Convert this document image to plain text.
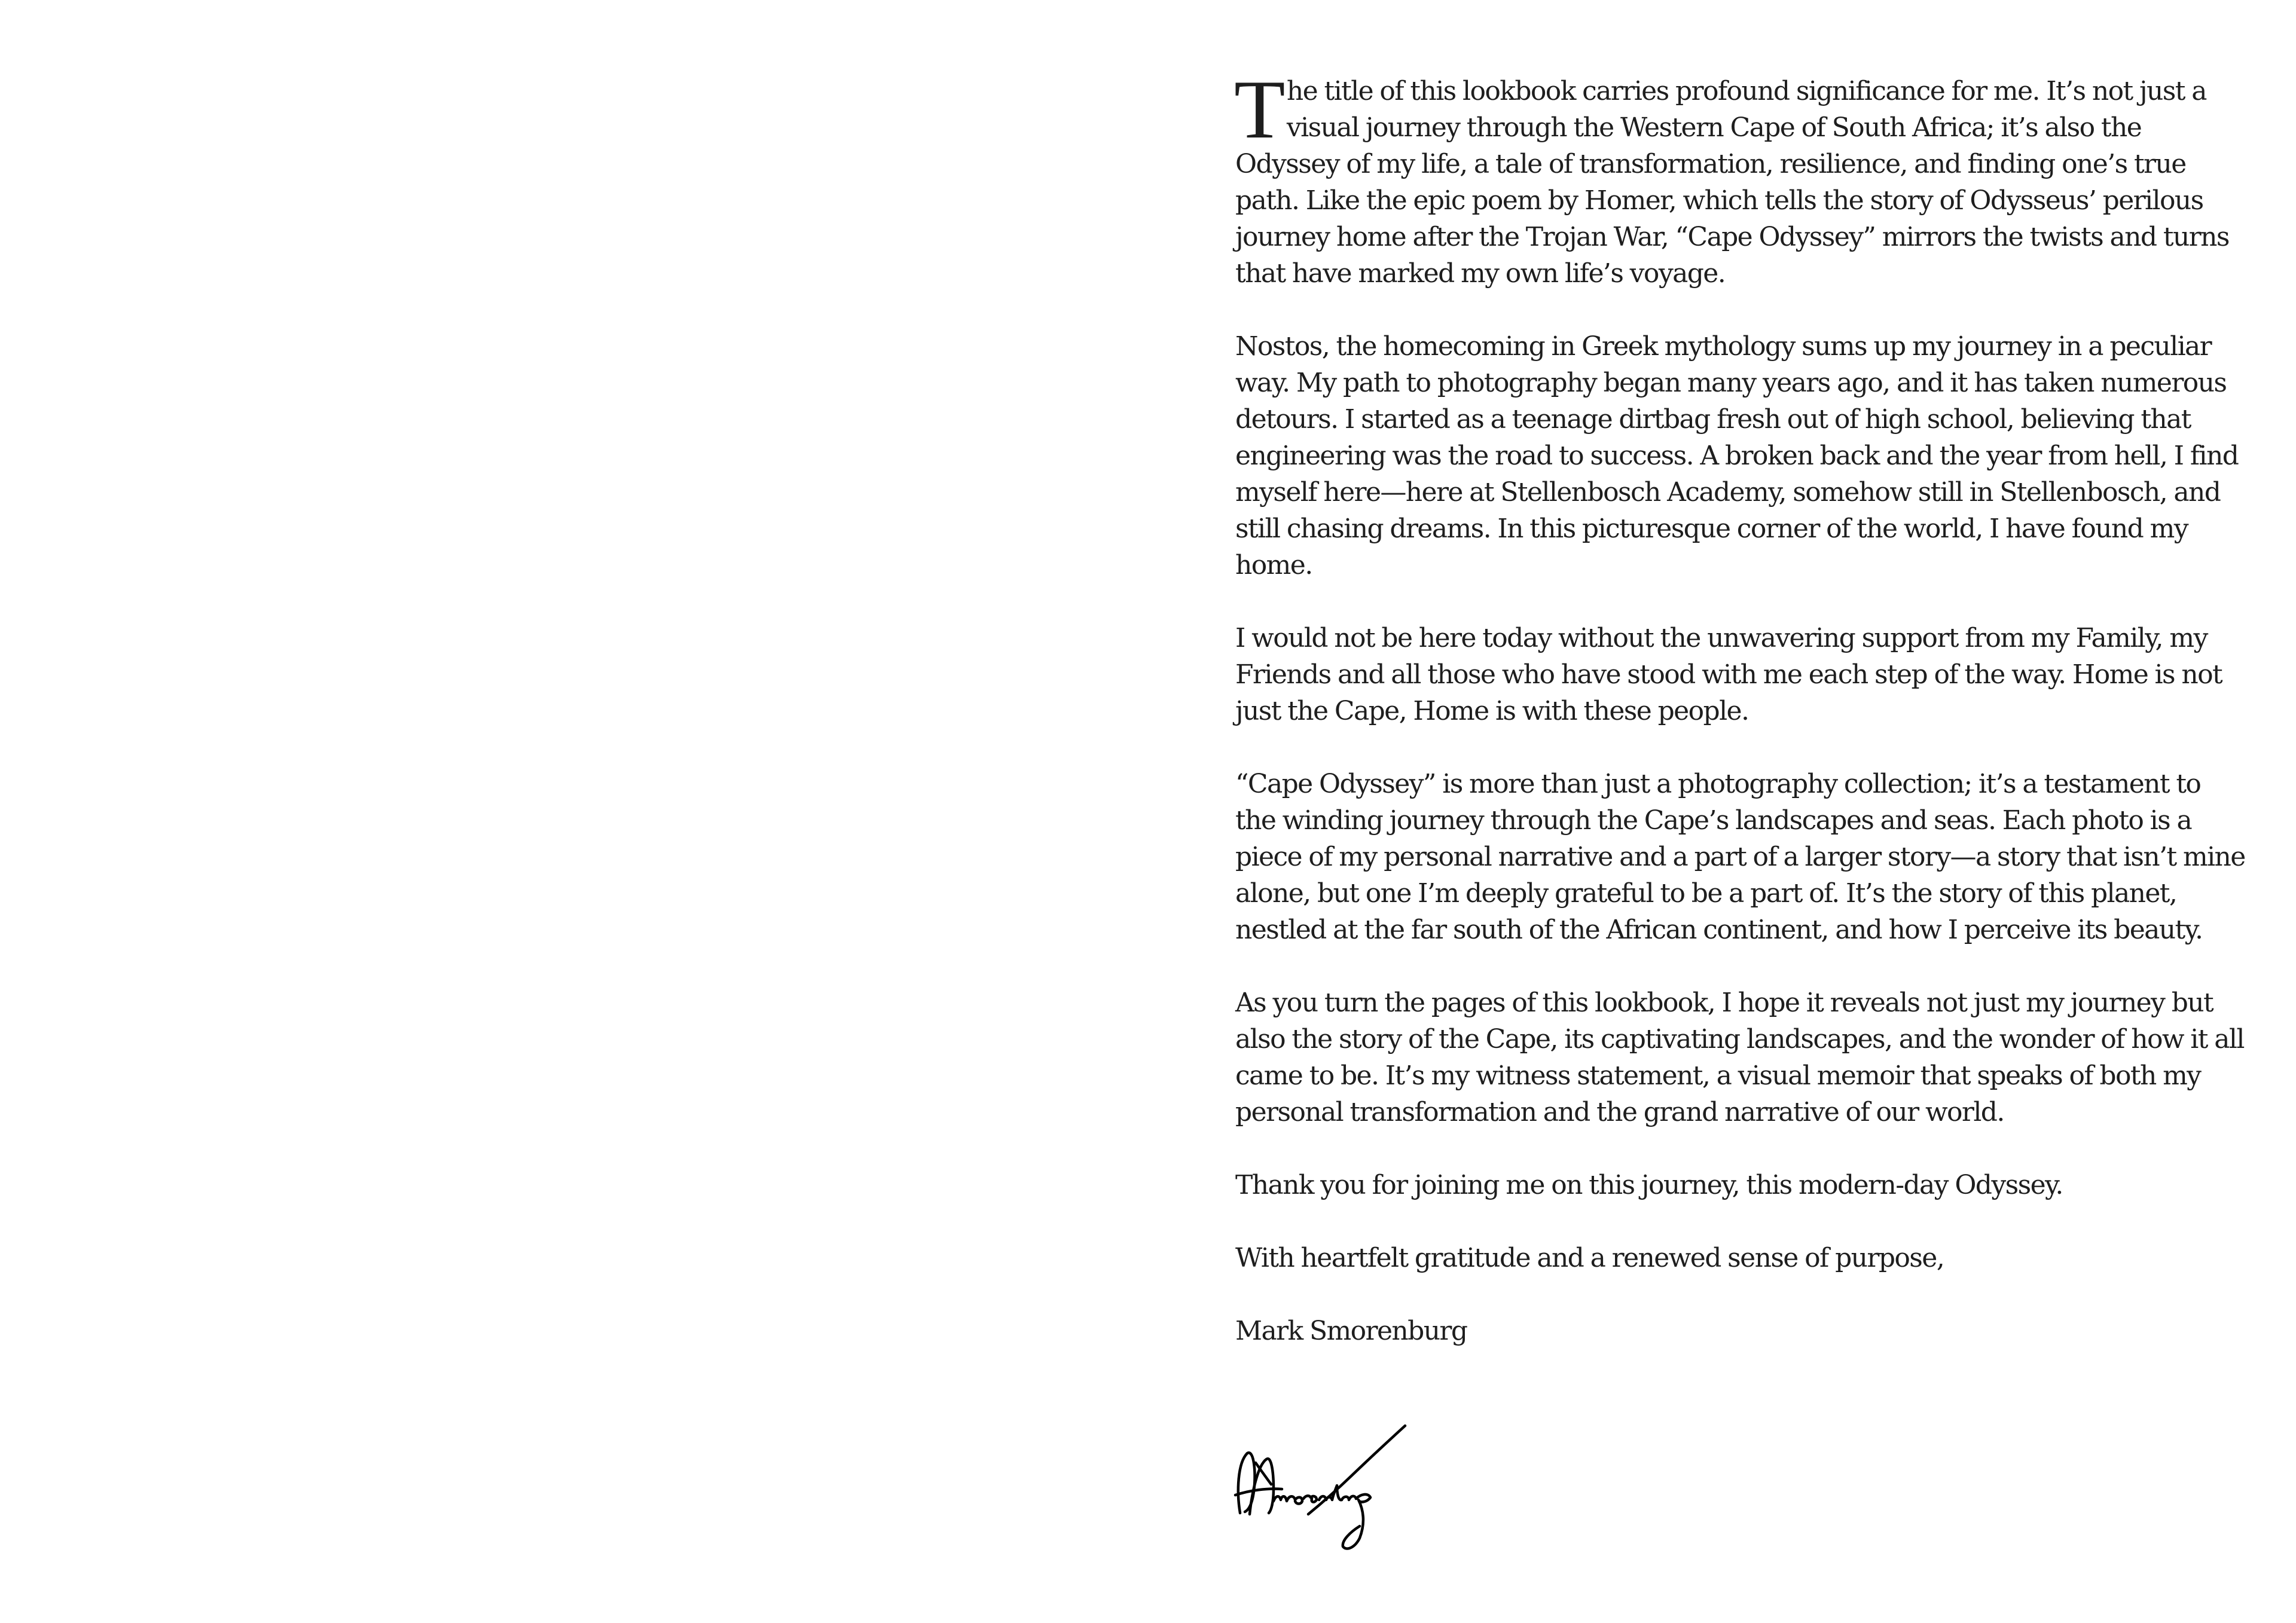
The title of this lookbook carries profound significance for me. It’s not just a visual journey through the Western Cape of South Africa; it’s also the Odyssey of my life, a tale of transformation, resilience, and finding one’s true path. Like the epic poem by Homer, which tells the story of Odysseus’ perilous journey home after the Trojan War, “Cape Odyssey” mirrors the twists and turns that have marked my own life’s voyage.

Nostos, the homecoming in Greek mythology sums up my journey in a peculiar way. My path to photography began many years ago, and it has taken numerous detours. I started as a teenage dirtbag fresh out of high school, believing that engineering was the road to success. A broken back and the year from hell, I find myself here—here at Stellenbosch Academy, somehow still in Stellenbosch, and still chasing dreams. In this picturesque corner of the world, I have found my home.

I would not be here today without the unwavering support from my Family, my Friends and all those who have stood with me each step of the way. Home is not just the Cape, Home is with these people.

“Cape Odyssey” is more than just a photography collection; it’s a testament to the winding journey through the Cape’s landscapes and seas. Each photo is a piece of my personal narrative and a part of a larger story—a story that isn’t mine alone, but one I’m deeply grateful to be a part of. It’s the story of this planet, nestled at the far south of the African continent, and how I perceive its beauty.

As you turn the pages of this lookbook, I hope it reveals not just my journey but also the story of the Cape, its captivating landscapes, and the wonder of how it all came to be. It’s my witness statement, a visual memoir that speaks of both my personal transformation and the grand narrative of our world.

Thank you for joining me on this journey, this modern-day Odyssey.

With heartfelt gratitude and a renewed sense of purpose,

Mark Smorenburg
